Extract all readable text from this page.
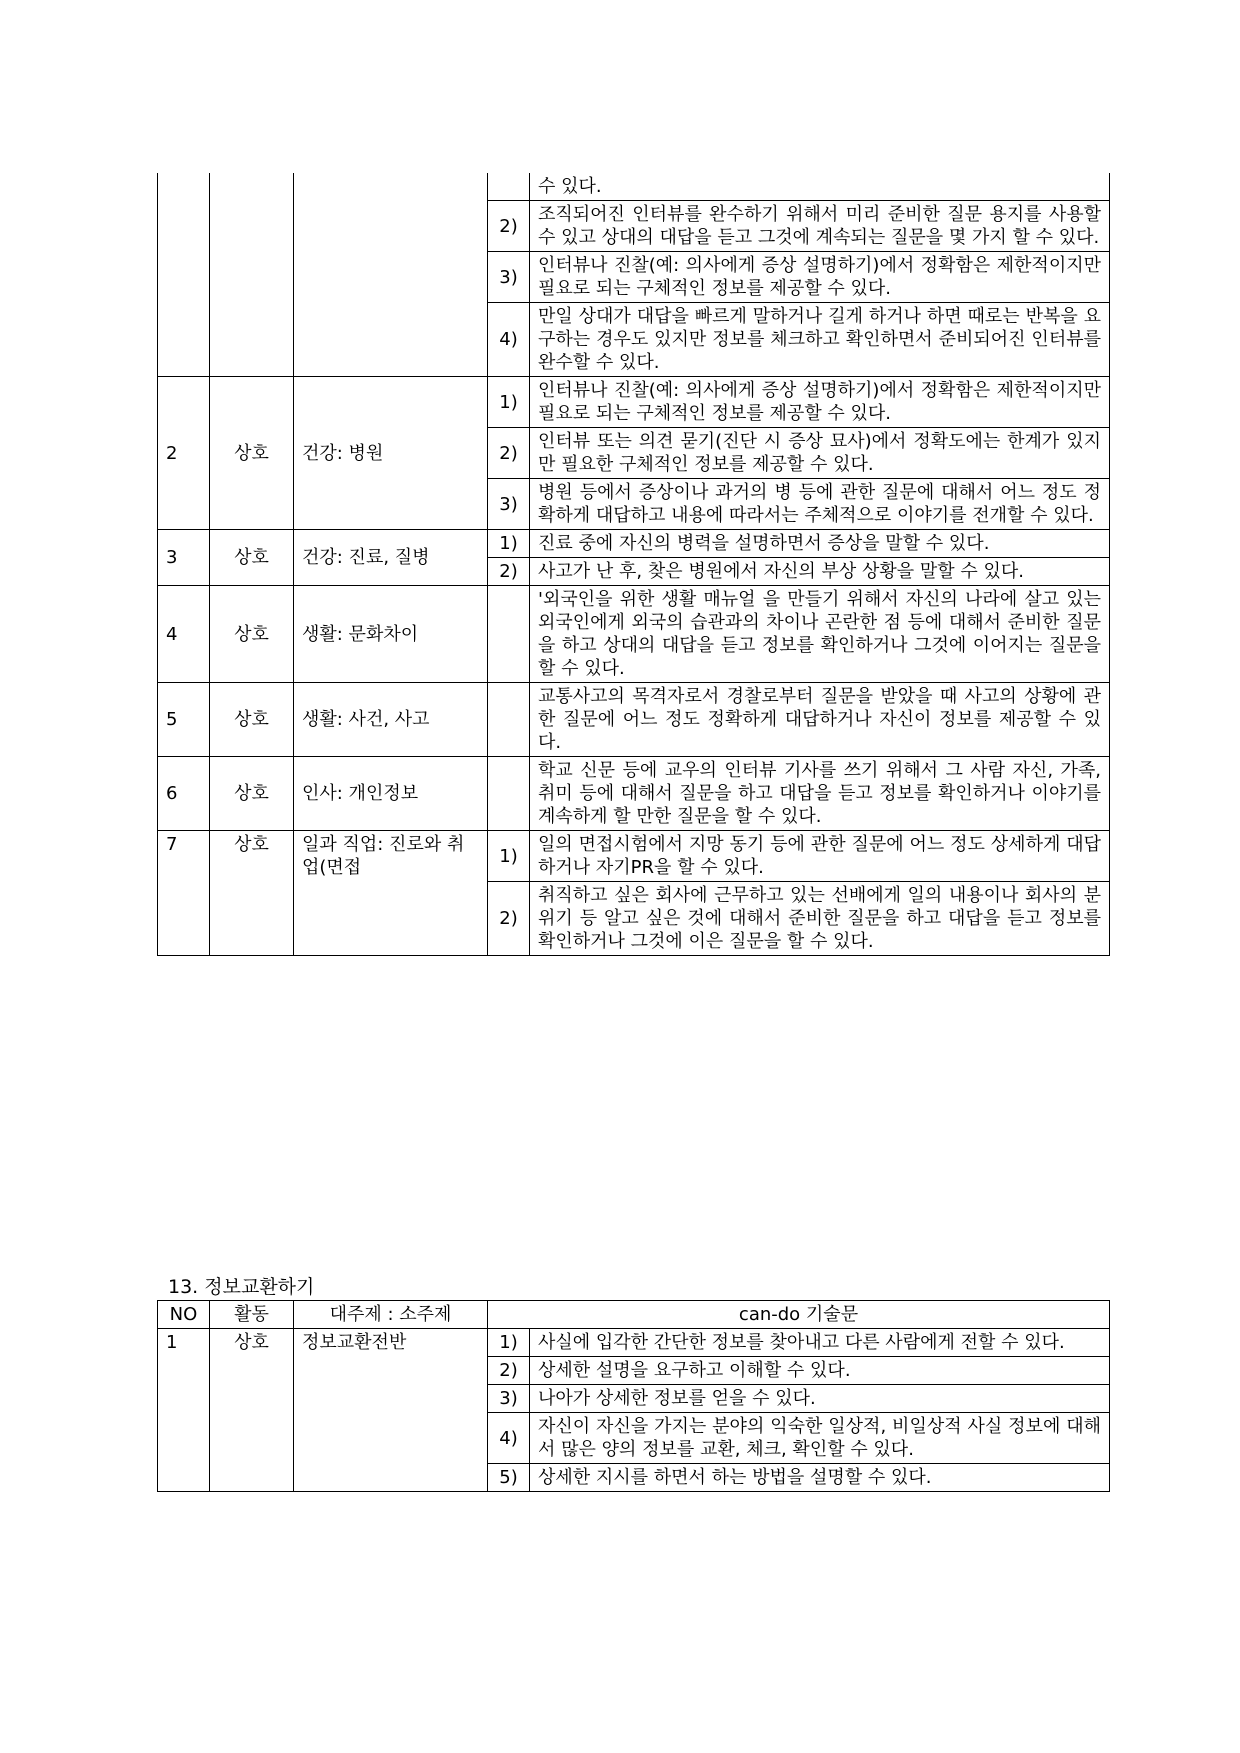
				수 있다.
			2)	조직되어진 인터뷰를 완수하기 위해서 미리 준비한 질문 용지를 사용할 수 있고 상대의 대답을 듣고 그것에 계속되는 질문을 몇 가지 할 수 있다.
			3)	인터뷰나 진찰(예: 의사에게 증상 설명하기)에서 정확함은 제한적이지만 필요로 되는 구체적인 정보를 제공할 수 있다.
			4)	만일 상대가 대답을 빠르게 말하거나 길게 하거나 하면 때로는 반복을 요구하는 경우도 있지만 정보를 체크하고 확인하면서 준비되어진 인터뷰를 완수할 수 있다.
2	상호	건강: 병원	1)	인터뷰나 진찰(예: 의사에게 증상 설명하기)에서 정확함은 제한적이지만 필요로 되는 구체적인 정보를 제공할 수 있다.
			2)	인터뷰 또는 의견 묻기(진단 시 증상 묘사)에서 정확도에는 한계가 있지만 필요한 구체적인 정보를 제공할 수 있다.
			3)	병원 등에서 증상이나 과거의 병 등에 관한 질문에 대해서 어느 정도 정확하게 대답하고 내용에 따라서는 주체적으로 이야기를 전개할 수 있다.
3	상호	건강: 진료, 질병	1)	진료 중에 자신의 병력을 설명하면서 증상을 말할 수 있다.
			2)	사고가 난 후, 찾은 병원에서 자신의 부상 상황을 말할 수 있다.
4	상호	생활: 문화차이		'외국인을 위한 생활 매뉴얼 을 만들기 위해서 자신의 나라에 살고 있는 외국인에게 외국의 습관과의 차이나 곤란한 점 등에 대해서 준비한 질문을 하고 상대의 대답을 듣고 정보를 확인하거나 그것에 이어지는 질문을 할 수 있다.
5	상호	생활: 사건, 사고		교통사고의 목격자로서 경찰로부터 질문을 받았을 때 사고의 상황에 관한 질문에 어느 정도 정확하게 대답하거나 자신이 정보를 제공할 수 있다.
6	상호	인사: 개인정보		학교 신문 등에 교우의 인터뷰 기사를 쓰기 위해서 그 사람 자신, 가족, 취미 등에 대해서 질문을 하고 대답을 듣고 정보를 확인하거나 이야기를 계속하게 할 만한 질문을 할 수 있다.
7	상호	일과 직업: 진로와 취업(면접	1)	일의 면접시험에서 지망 동기 등에 관한 질문에 어느 정도 상세하게 대답하거나 자기PR을 할 수 있다.
			2)	취직하고 싶은 회사에 근무하고 있는 선배에게 일의 내용이나 회사의 분위기 등 알고 싶은 것에 대해서 준비한 질문을 하고 대답을 듣고 정보를 확인하거나 그것에 이은 질문을 할 수 있다.
13. 정보교환하기
NO	활동	대주제 : 소주제	can-do 기술문	
1	상호	정보교환전반	1)	사실에 입각한 간단한 정보를 찾아내고 다른 사람에게 전할 수 있다.
			2)	상세한 설명을 요구하고 이해할 수 있다.
			3)	나아가 상세한 정보를 얻을 수 있다.
			4)	자신이 자신을 가지는 분야의 익숙한 일상적, 비일상적 사실 정보에 대해서 많은 양의 정보를 교환, 체크, 확인할 수 있다.
			5)	상세한 지시를 하면서 하는 방법을 설명할 수 있다.
